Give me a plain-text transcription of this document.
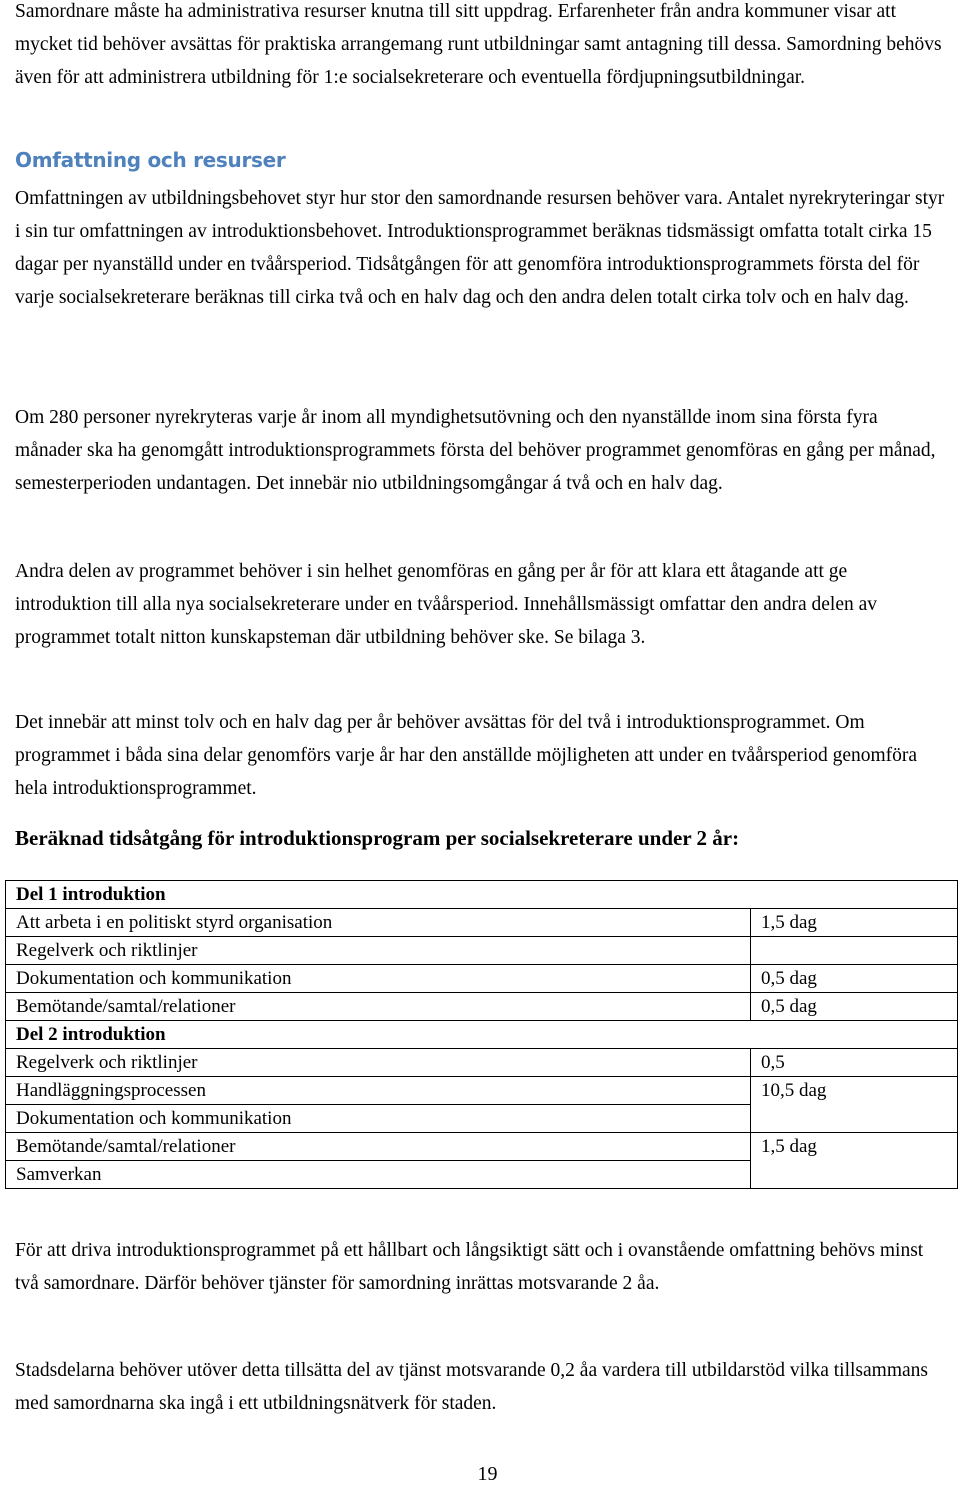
Samordnare måste ha administrativa resurser knutna till sitt uppdrag. Erfarenheter från andra kommuner visar att mycket tid behöver avsättas för praktiska arrangemang runt utbildningar samt antagning till dessa. Samordning behövs även för att administrera utbildning för 1:e socialsekreterare och eventuella fördjupningsutbildningar.

Omfattning och resurser

Omfattningen av utbildningsbehovet styr hur stor den samordnande resursen behöver vara. Antalet nyrekryteringar styr i sin tur omfattningen av introduktionsbehovet. Introduktionsprogrammet beräknas tidsmässigt omfatta totalt cirka 15 dagar per nyanställd under en tvåårsperiod. Tidsåtgången för att genomföra introduktionsprogrammets första del för varje socialsekreterare beräknas till cirka två och en halv dag och den andra delen totalt cirka tolv och en halv dag.

Om 280 personer nyrekryteras varje år inom all myndighetsutövning och den nyanställde inom sina första fyra månader ska ha genomgått introduktionsprogrammets första del behöver programmet genomföras en gång per månad, semesterperioden undantagen. Det innebär nio utbildningsomgångar á två och en halv dag.

Andra delen av programmet behöver i sin helhet genomföras en gång per år för att klara ett åtagande att ge introduktion till alla nya socialsekreterare under en tvåårsperiod. Innehållsmässigt omfattar den andra delen av programmet totalt nitton kunskapsteman där utbildning behöver ske. Se bilaga 3.

Det innebär att minst tolv och en halv dag per år behöver avsättas för del två i introduktionsprogrammet. Om programmet i båda sina delar genomförs varje år har den anställde möjligheten att under en tvåårsperiod genomföra hela introduktionsprogrammet.

Beräknad tidsåtgång för introduktionsprogram per socialsekreterare under 2 år:
Del 1 introduktion	
Att arbeta i en politiskt styrd organisation	1,5 dag
Regelverk och riktlinjer	
Dokumentation och kommunikation	0,5 dag
Bemötande/samtal/relationer	0,5 dag
Del 2 introduktion	
Regelverk och riktlinjer	0,5
Handläggningsprocessen	10,5 dag
Dokumentation och kommunikation	
Bemötande/samtal/relationer	1,5 dag
Samverkan	

För att driva introduktionsprogrammet på ett hållbart och långsiktigt sätt och i ovanstående omfattning behövs minst två samordnare. Därför behöver tjänster för samordning inrättas motsvarande 2 åa.

Stadsdelarna behöver utöver detta tillsätta del av tjänst motsvarande 0,2 åa vardera till utbildarstöd vilka tillsammans med samordnarna ska ingå i ett utbildningsnätverk för staden.

19
